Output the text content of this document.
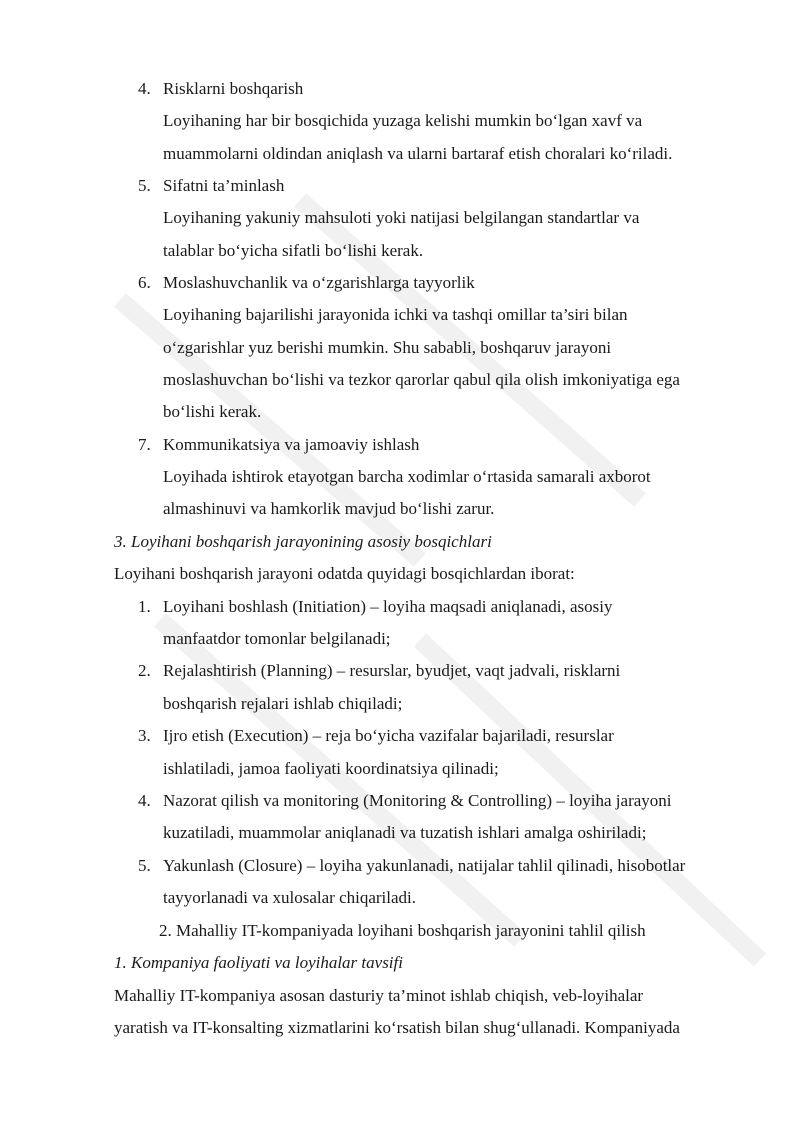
4. Risklarni boshqarish
Loyihaning har bir bosqichida yuzaga kelishi mumkin bo‘lgan xavf va
muammolarni oldindan aniqlash va ularni bartaraf etish choralari ko‘riladi.
5. Sifatni ta’minlash
Loyihaning yakuniy mahsuloti yoki natijasi belgilangan standartlar va
talablar bo‘yicha sifatli bo‘lishi kerak.
6. Moslashuvchanlik va o‘zgarishlarga tayyorlik
Loyihaning bajarilishi jarayonida ichki va tashqi omillar ta’siri bilan
o‘zgarishlar yuz berishi mumkin. Shu sababli, boshqaruv jarayoni
moslashuvchan bo‘lishi va tezkor qarorlar qabul qila olish imkoniyatiga ega
bo‘lishi kerak.
7. Kommunikatsiya va jamoaviy ishlash
Loyihada ishtirok etayotgan barcha xodimlar o‘rtasida samarali axborot
almashinuvi va hamkorlik mavjud bo‘lishi zarur.
3. Loyihani boshqarish jarayonining asosiy bosqichlari
Loyihani boshqarish jarayoni odatda quyidagi bosqichlardan iborat:
1. Loyihani boshlash (Initiation) – loyiha maqsadi aniqlanadi, asosiy
manfaatdor tomonlar belgilanadi;
2. Rejalashtirish (Planning) – resurslar, byudjet, vaqt jadvali, risklarni
boshqarish rejalari ishlab chiqiladi;
3. Ijro etish (Execution) – reja bo‘yicha vazifalar bajariladi, resurslar
ishlatiladi, jamoa faoliyati koordinatsiya qilinadi;
4. Nazorat qilish va monitoring (Monitoring & Controlling) – loyiha jarayoni
kuzatiladi, muammolar aniqlanadi va tuzatish ishlari amalga oshiriladi;
5. Yakunlash (Closure) – loyiha yakunlanadi, natijalar tahlil qilinadi, hisobotlar
tayyorlanadi va xulosalar chiqariladi.
2. Mahalliy IT-kompaniyada loyihani boshqarish jarayonini tahlil qilish
1. Kompaniya faoliyati va loyihalar tavsifi
Mahalliy IT-kompaniya asosan dasturiy ta’minot ishlab chiqish, veb-loyihalar
yaratish va IT-konsalting xizmatlarini ko‘rsatish bilan shug‘ullanadi. Kompaniyada
